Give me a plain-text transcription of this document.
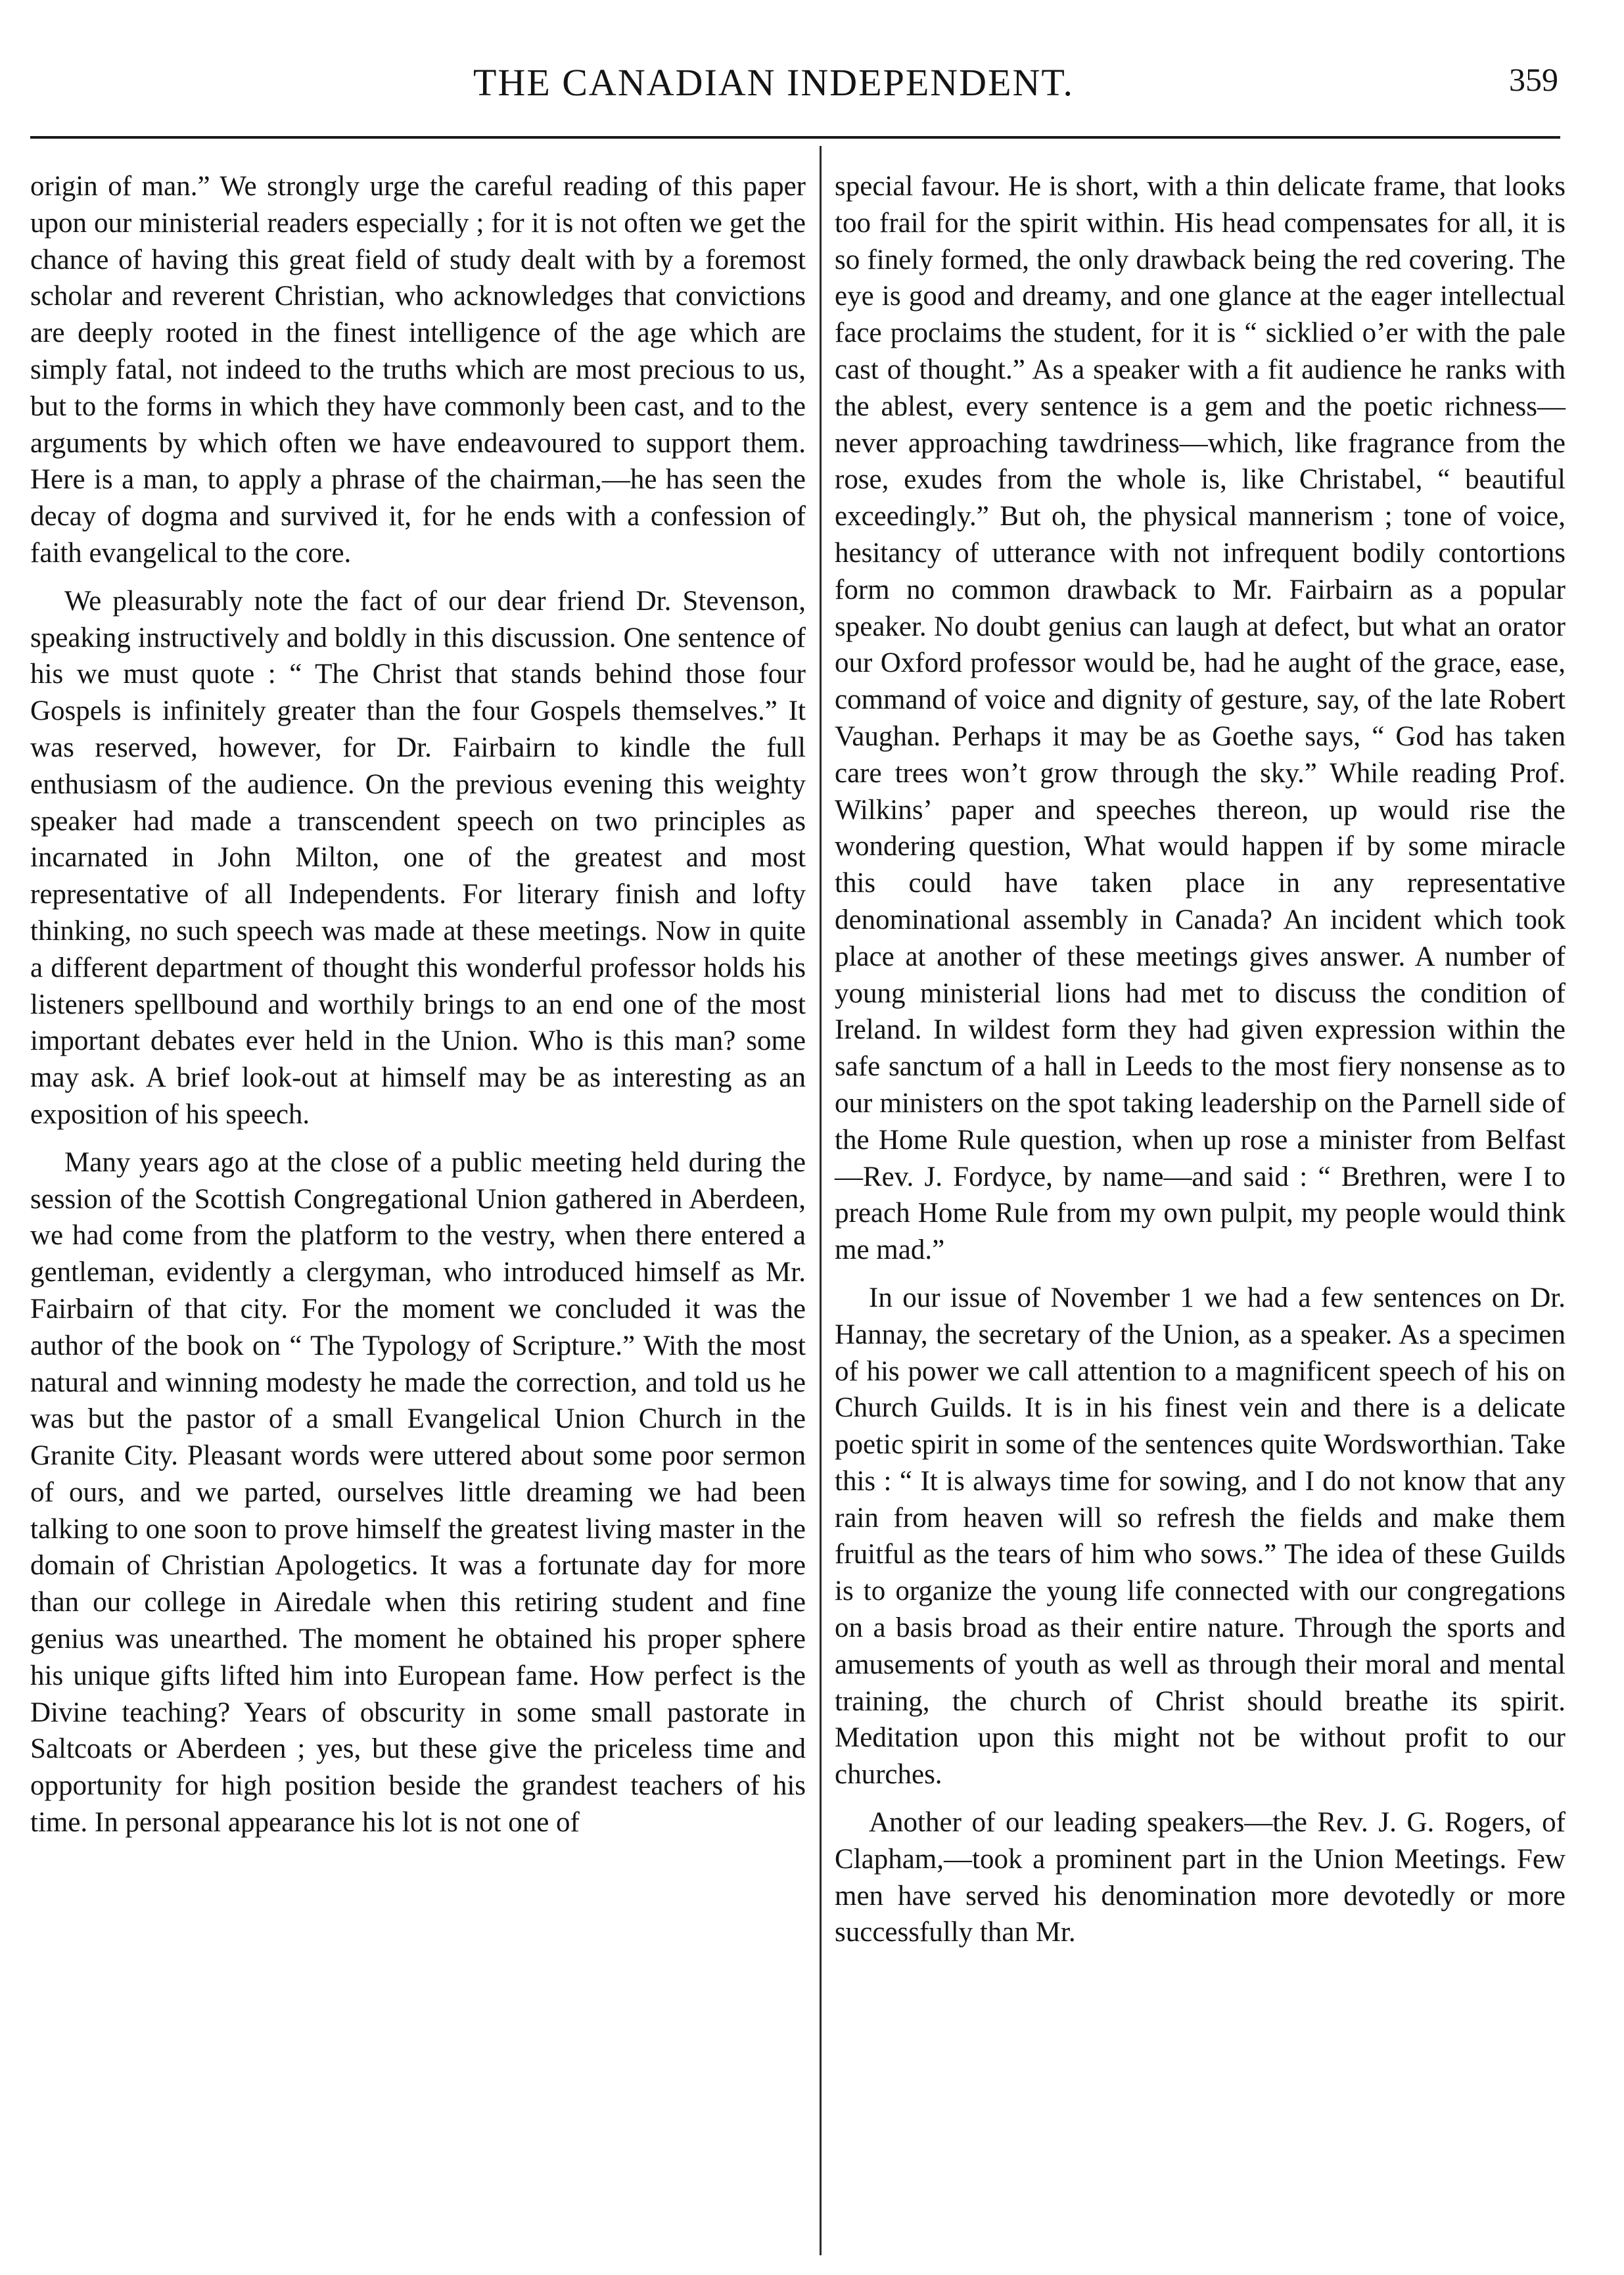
THE CANADIAN INDEPENDENT.	359

origin of man.” We strongly urge the careful reading of this paper upon our ministerial readers especially ; for it is not often we get the chance of having this great field of study dealt with by a foremost scholar and reverent Christian, who acknowledges that convictions are deeply rooted in the finest intelligence of the age which are simply fatal, not indeed to the truths which are most precious to us, but to the forms in which they have commonly been cast, and to the arguments by which often we have endeavoured to support them. Here is a man, to apply a phrase of the chairman,—he has seen the decay of dogma and survived it, for he ends with a confession of faith evangelical to the core.

We pleasurably note the fact of our dear friend Dr. Stevenson, speaking instructively and boldly in this discussion. One sentence of his we must quote : “ The Christ that stands behind those four Gospels is infinitely greater than the four Gospels themselves.” It was reserved, however, for Dr. Fairbairn to kindle the full enthusiasm of the audience. On the previous evening this weighty speaker had made a transcendent speech on two principles as incarnated in John Milton, one of the greatest and most representative of all Independents. For literary finish and lofty thinking, no such speech was made at these meetings. Now in quite a different department of thought this wonderful professor holds his listeners spellbound and worthily brings to an end one of the most important debates ever held in the Union. Who is this man? some may ask. A brief look-out at himself may be as interesting as an exposition of his speech.

Many years ago at the close of a public meeting held during the session of the Scottish Congregational Union gathered in Aberdeen, we had come from the platform to the vestry, when there entered a gentleman, evidently a clergyman, who introduced himself as Mr. Fairbairn of that city. For the moment we concluded it was the author of the book on “ The Typology of Scripture.” With the most natural and winning modesty he made the correction, and told us he was but the pastor of a small Evangelical Union Church in the Granite City. Pleasant words were uttered about some poor sermon of ours, and we parted, ourselves little dreaming we had been talking to one soon to prove himself the greatest living master in the domain of Christian Apologetics. It was a fortunate day for more than our college in Airedale when this retiring student and fine genius was unearthed. The moment he obtained his proper sphere his unique gifts lifted him into European fame. How perfect is the Divine teaching? Years of obscurity in some small pastorate in Saltcoats or Aberdeen ; yes, but these give the priceless time and opportunity for high position beside the grandest teachers of his time. In personal appearance his lot is not one of

special favour. He is short, with a thin delicate frame, that looks too frail for the spirit within. His head compensates for all, it is so finely formed, the only drawback being the red covering. The eye is good and dreamy, and one glance at the eager intellectual face proclaims the student, for it is “ sicklied o’er with the pale cast of thought.” As a speaker with a fit audience he ranks with the ablest, every sentence is a gem and the poetic richness—never approaching tawdriness—which, like fragrance from the rose, exudes from the whole is, like Christabel, “ beautiful exceedingly.” But oh, the physical mannerism ; tone of voice, hesitancy of utterance with not infrequent bodily contortions form no common drawback to Mr. Fairbairn as a popular speaker. No doubt genius can laugh at defect, but what an orator our Oxford professor would be, had he aught of the grace, ease, command of voice and dignity of gesture, say, of the late Robert Vaughan. Perhaps it may be as Goethe says, “ God has taken care trees won’t grow through the sky.” While reading Prof. Wilkins’ paper and speeches thereon, up would rise the wondering question, What would happen if by some miracle this could have taken place in any representative denominational assembly in Canada? An incident which took place at another of these meetings gives answer. A number of young ministerial lions had met to discuss the condition of Ireland. In wildest form they had given expression within the safe sanctum of a hall in Leeds to the most fiery nonsense as to our ministers on the spot taking leadership on the Parnell side of the Home Rule question, when up rose a minister from Belfast—Rev. J. Fordyce, by name—and said : “ Brethren, were I to preach Home Rule from my own pulpit, my people would think me mad.”

In our issue of November 1 we had a few sentences on Dr. Hannay, the secretary of the Union, as a speaker. As a specimen of his power we call attention to a magnificent speech of his on Church Guilds. It is in his finest vein and there is a delicate poetic spirit in some of the sentences quite Wordsworthian. Take this : “ It is always time for sowing, and I do not know that any rain from heaven will so refresh the fields and make them fruitful as the tears of him who sows.” The idea of these Guilds is to organize the young life connected with our congregations on a basis broad as their entire nature. Through the sports and amusements of youth as well as through their moral and mental training, the church of Christ should breathe its spirit. Meditation upon this might not be without profit to our churches.

Another of our leading speakers—the Rev. J. G. Rogers, of Clapham,—took a prominent part in the Union Meetings. Few men have served his denomination more devotedly or more successfully than Mr.
